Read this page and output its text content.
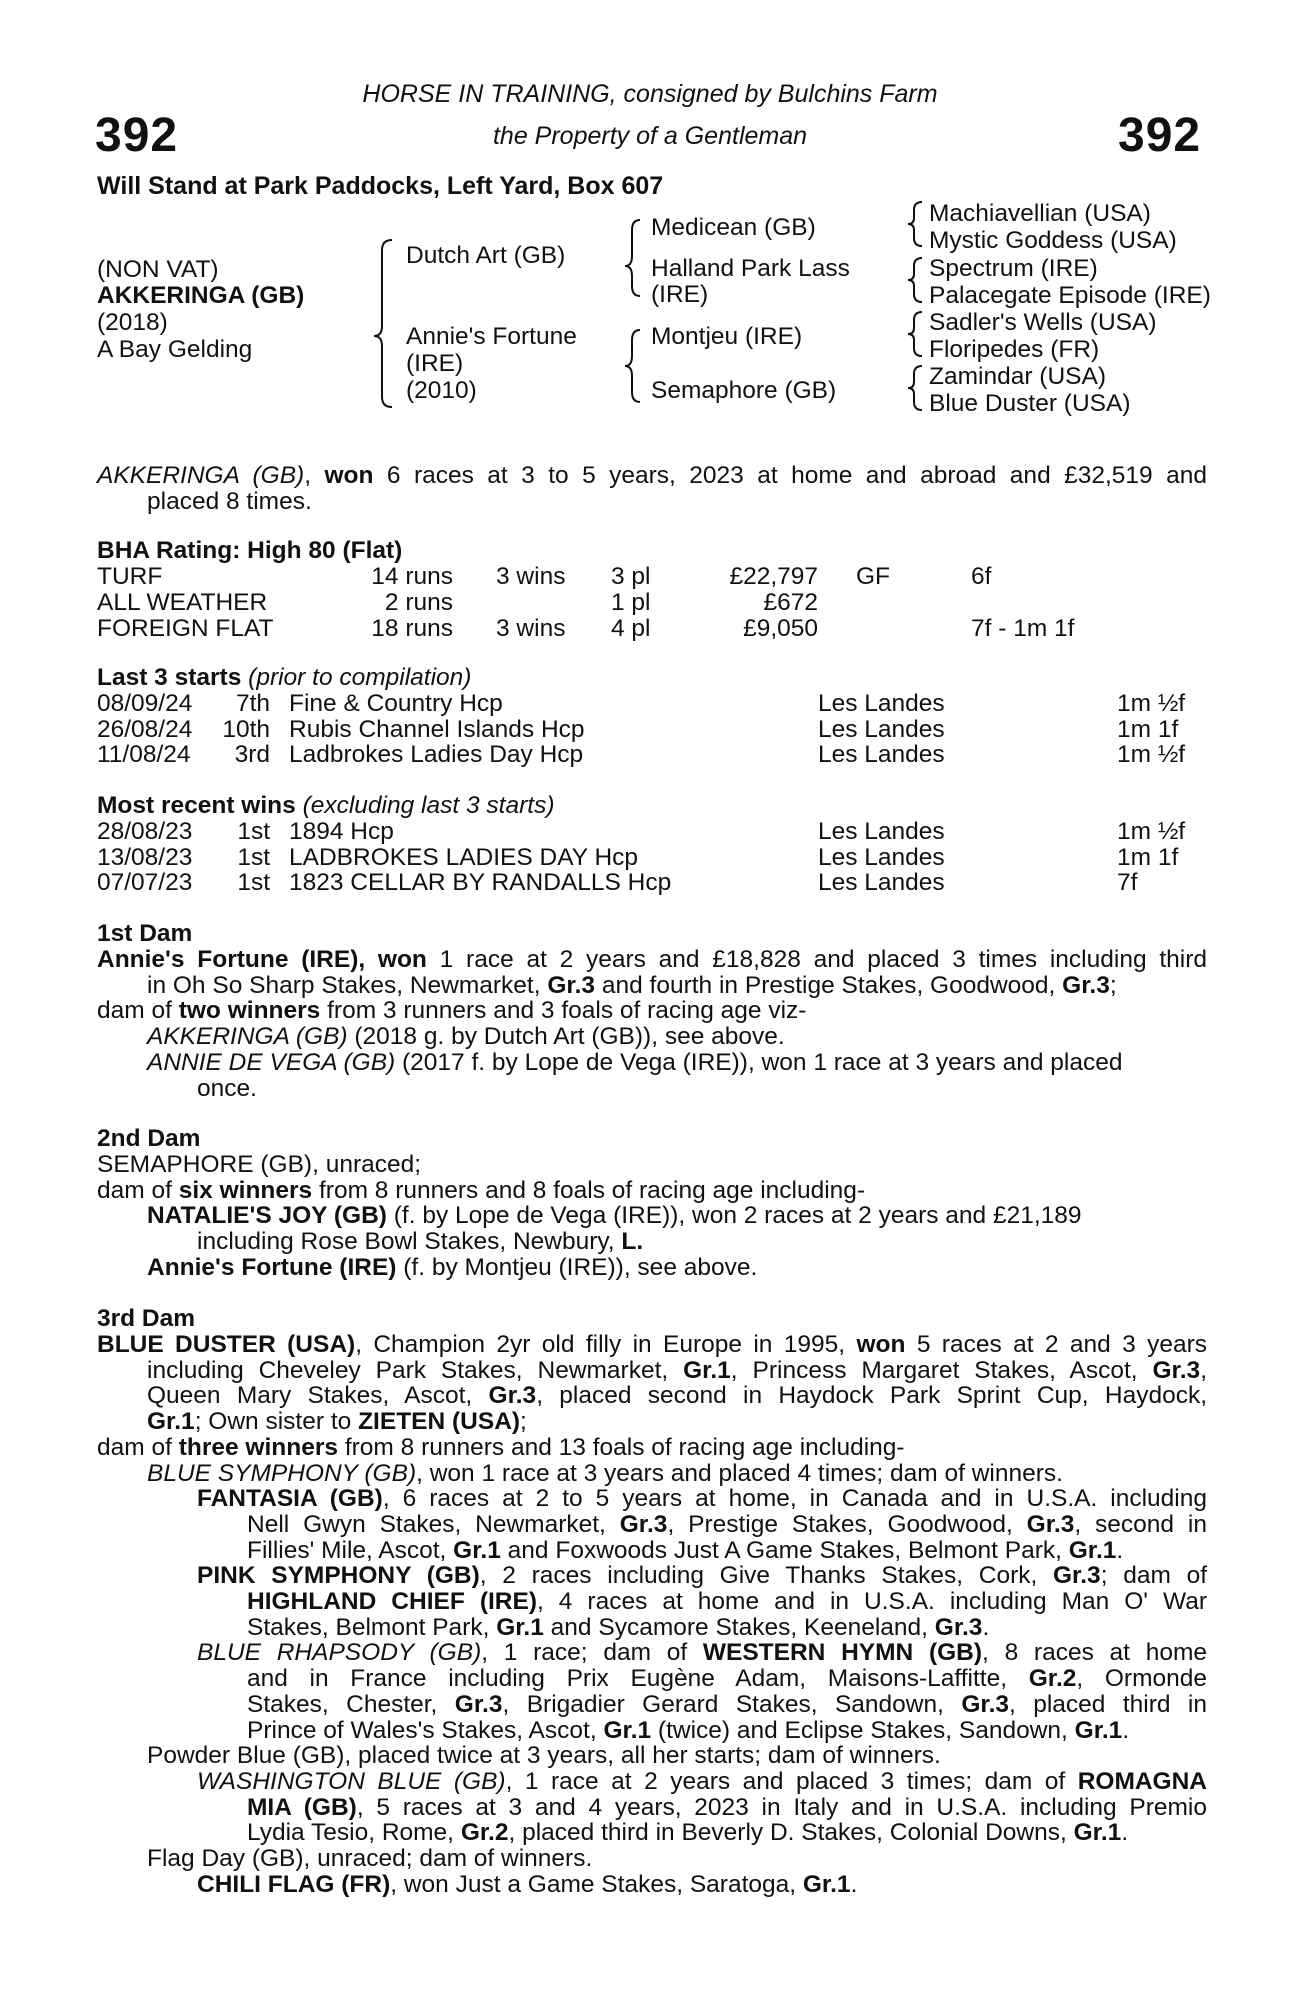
392	392
HORSE IN TRAINING, consigned by Bulchins Farm
the Property of a Gentleman
Will Stand at Park Paddocks, Left Yard, Box 607
(NON VAT)
AKKERINGA (GB)
(2018)
A Bay Gelding
Dutch Art (GB)
Annie's Fortune
(IRE)
(2010)
Medicean (GB)
Halland Park Lass
(IRE)
Montjeu (IRE)
Semaphore (GB)
Machiavellian (USA)
Mystic Goddess (USA)
Spectrum (IRE)
Palacegate Episode (IRE)
Sadler's Wells (USA)
Floripedes (FR)
Zamindar (USA)
Blue Duster (USA)
AKKERINGA (GB), won 6 races at 3 to 5 years, 2023 at home and abroad and £32,519 and
placed 8 times.
BHA Rating: High 80 (Flat)
TURF	14 runs 3 wins 3 pl	£22,797 GF	6f
ALL WEATHER	2 runs	1 pl	£672
FOREIGN FLAT	18 runs 3 wins 4 pl	£9,050	7f - 1m 1f
Last 3 starts (prior to compilation)
08/09/24	7th Fine & Country Hcp	Les Landes	1m ½f
26/08/24	10th Rubis Channel Islands Hcp	Les Landes	1m 1f
11/08/24	3rd Ladbrokes Ladies Day Hcp	Les Landes	1m ½f
Most recent wins (excluding last 3 starts)
28/08/23	1st 1894 Hcp	Les Landes	1m ½f
13/08/23	1st LADBROKES LADIES DAY Hcp	Les Landes	1m 1f
07/07/23	1st 1823 CELLAR BY RANDALLS Hcp	Les Landes	7f
1st Dam
Annie's Fortune (IRE), won 1 race at 2 years and £18,828 and placed 3 times including third
in Oh So Sharp Stakes, Newmarket, Gr.3 and fourth in Prestige Stakes, Goodwood, Gr.3;
dam of two winners from 3 runners and 3 foals of racing age viz-
AKKERINGA (GB) (2018 g. by Dutch Art (GB)), see above.
ANNIE DE VEGA (GB) (2017 f. by Lope de Vega (IRE)), won 1 race at 3 years and placed
once.
2nd Dam
SEMAPHORE (GB), unraced;
dam of six winners from 8 runners and 8 foals of racing age including-
NATALIE'S JOY (GB) (f. by Lope de Vega (IRE)), won 2 races at 2 years and £21,189
including Rose Bowl Stakes, Newbury, L.
Annie's Fortune (IRE) (f. by Montjeu (IRE)), see above.
3rd Dam
BLUE DUSTER (USA), Champion 2yr old filly in Europe in 1995, won 5 races at 2 and 3 years
including Cheveley Park Stakes, Newmarket, Gr.1, Princess Margaret Stakes, Ascot, Gr.3,
Queen Mary Stakes, Ascot, Gr.3, placed second in Haydock Park Sprint Cup, Haydock,
Gr.1; Own sister to ZIETEN (USA);
dam of three winners from 8 runners and 13 foals of racing age including-
BLUE SYMPHONY (GB), won 1 race at 3 years and placed 4 times; dam of winners.
FANTASIA (GB), 6 races at 2 to 5 years at home, in Canada and in U.S.A. including
Nell Gwyn Stakes, Newmarket, Gr.3, Prestige Stakes, Goodwood, Gr.3, second in
Fillies' Mile, Ascot, Gr.1 and Foxwoods Just A Game Stakes, Belmont Park, Gr.1.
PINK SYMPHONY (GB), 2 races including Give Thanks Stakes, Cork, Gr.3; dam of
HIGHLAND CHIEF (IRE), 4 races at home and in U.S.A. including Man O' War
Stakes, Belmont Park, Gr.1 and Sycamore Stakes, Keeneland, Gr.3.
BLUE RHAPSODY (GB), 1 race; dam of WESTERN HYMN (GB), 8 races at home
and in France including Prix Eugène Adam, Maisons-Laffitte, Gr.2, Ormonde
Stakes, Chester, Gr.3, Brigadier Gerard Stakes, Sandown, Gr.3, placed third in
Prince of Wales's Stakes, Ascot, Gr.1 (twice) and Eclipse Stakes, Sandown, Gr.1.
Powder Blue (GB), placed twice at 3 years, all her starts; dam of winners.
WASHINGTON BLUE (GB), 1 race at 2 years and placed 3 times; dam of ROMAGNA
MIA (GB), 5 races at 3 and 4 years, 2023 in Italy and in U.S.A. including Premio
Lydia Tesio, Rome, Gr.2, placed third in Beverly D. Stakes, Colonial Downs, Gr.1.
Flag Day (GB), unraced; dam of winners.
CHILI FLAG (FR), won Just a Game Stakes, Saratoga, Gr.1.
